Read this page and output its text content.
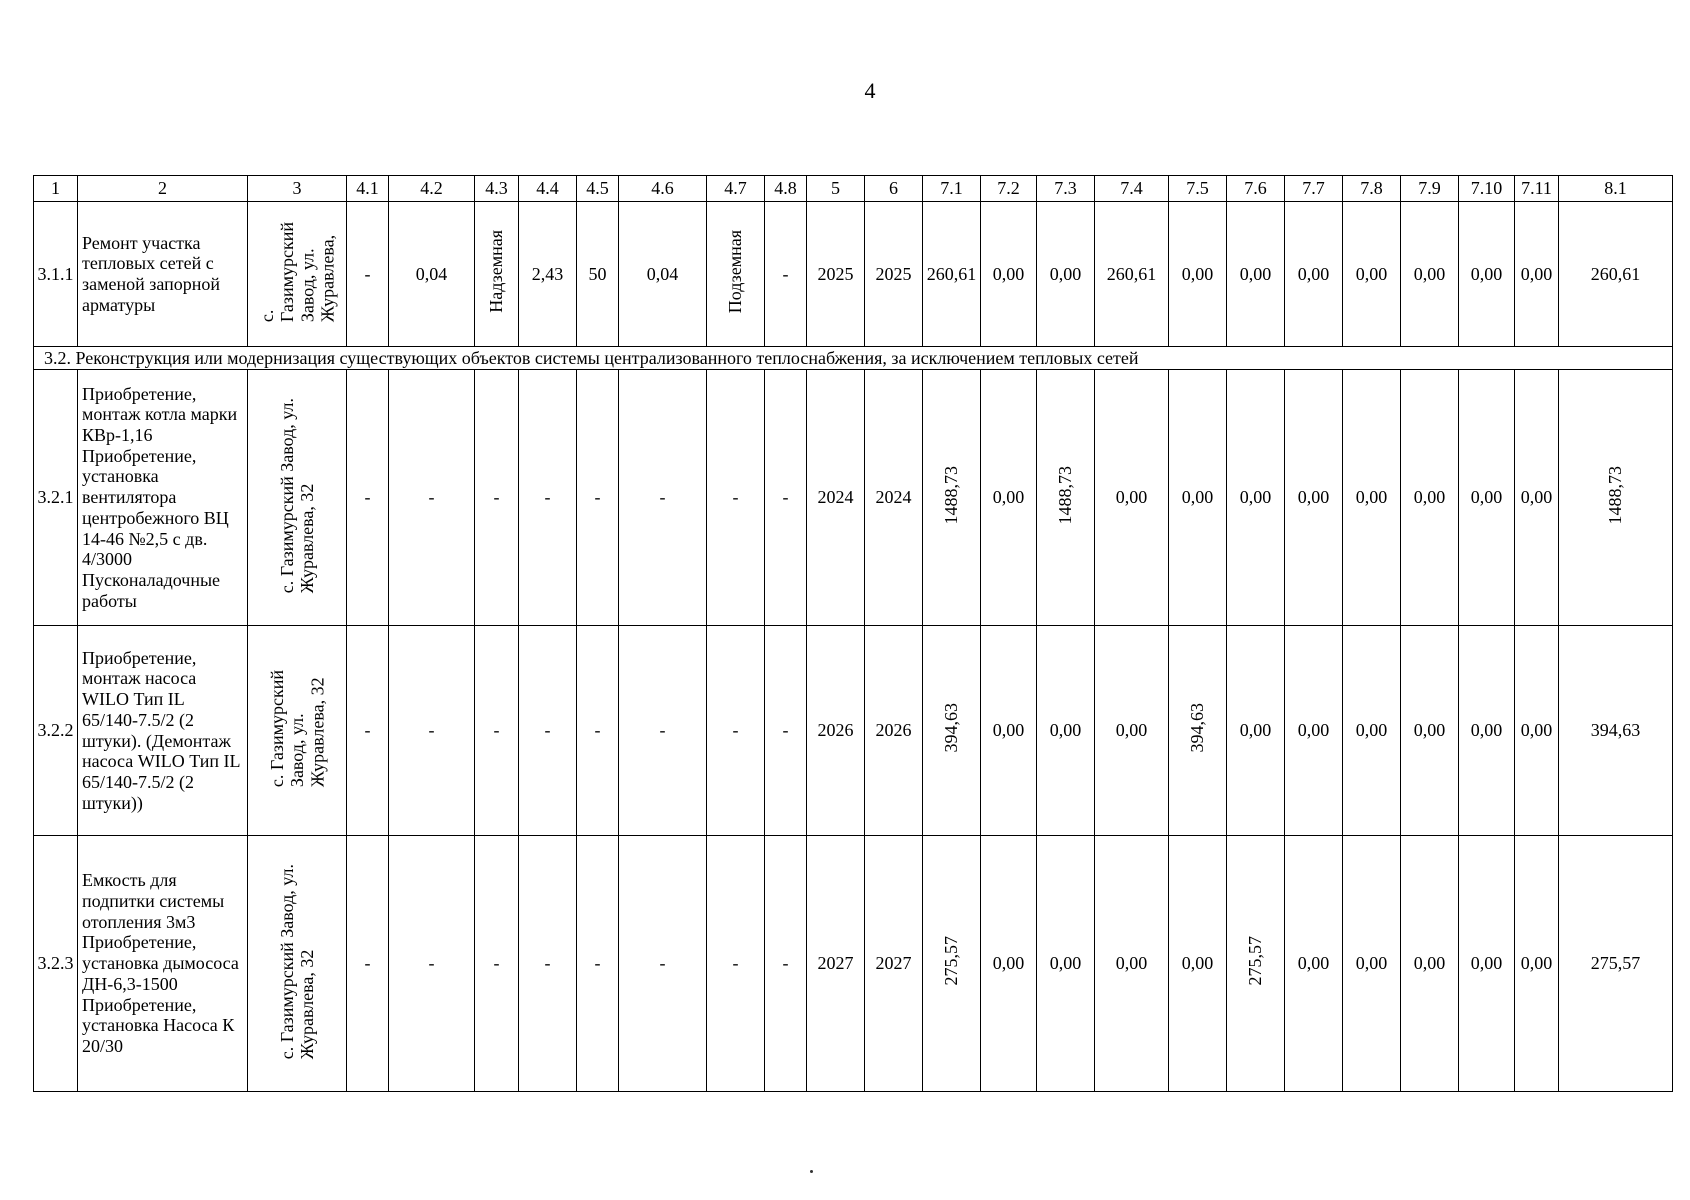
4
1	2	3	4.1	4.2	4.3	4.4	4.5	4.6	4.7	4.8	5	6	7.1	7.2	7.3	7.4	7.5	7.6	7.7	7.8	7.9	7.10	7.11	8.1
3.1.1	Ремонт участка тепловых сетей с заменой запорной арматуры	с.
Газимурский
Завод, ул.
Журавлева,	-	0,04	Надземная	2,43	50	0,04	Подземная	-	2025	2025	260,61	0,00	0,00	260,61	0,00	0,00	0,00	0,00	0,00	0,00	0,00	260,61
3.2. Реконструкция или модернизация существующих объектов системы централизованного теплоснабжения, за исключением тепловых сетей																								
3.2.1	Приобретение, монтаж котла марки КВр-1,16 Приобретение, установка вентилятора центробежного ВЦ 14-46 №2,5 с дв. 4/3000 Пусконаладочные работы	с. Газимурский Завод, ул.
Журавлева, 32	-	-	-	-	-	-	-	-	2024	2024	1488,73	0,00	1488,73	0,00	0,00	0,00	0,00	0,00	0,00	0,00	0,00	1488,73
3.2.2	Приобретение, монтаж насоса WILO Тип IL 65/140-7.5/2 (2 штуки). (Демонтаж насоса WILO Тип IL 65/140-7.5/2 (2 штуки))	с. Газимурский
Завод, ул.
Журавлева, 32	-	-	-	-	-	-	-	-	2026	2026	394,63	0,00	0,00	0,00	394,63	0,00	0,00	0,00	0,00	0,00	0,00	394,63
3.2.3	Емкость для подпитки системы отопления 3м3 Приобретение, установка дымососа ДН-6,3-1500 Приобретение, установка Насоса К 20/30	с. Газимурский Завод, ул.
Журавлева, 32	-	-	-	-	-	-	-	-	2027	2027	275,57	0,00	0,00	0,00	0,00	275,57	0,00	0,00	0,00	0,00	0,00	275,57
